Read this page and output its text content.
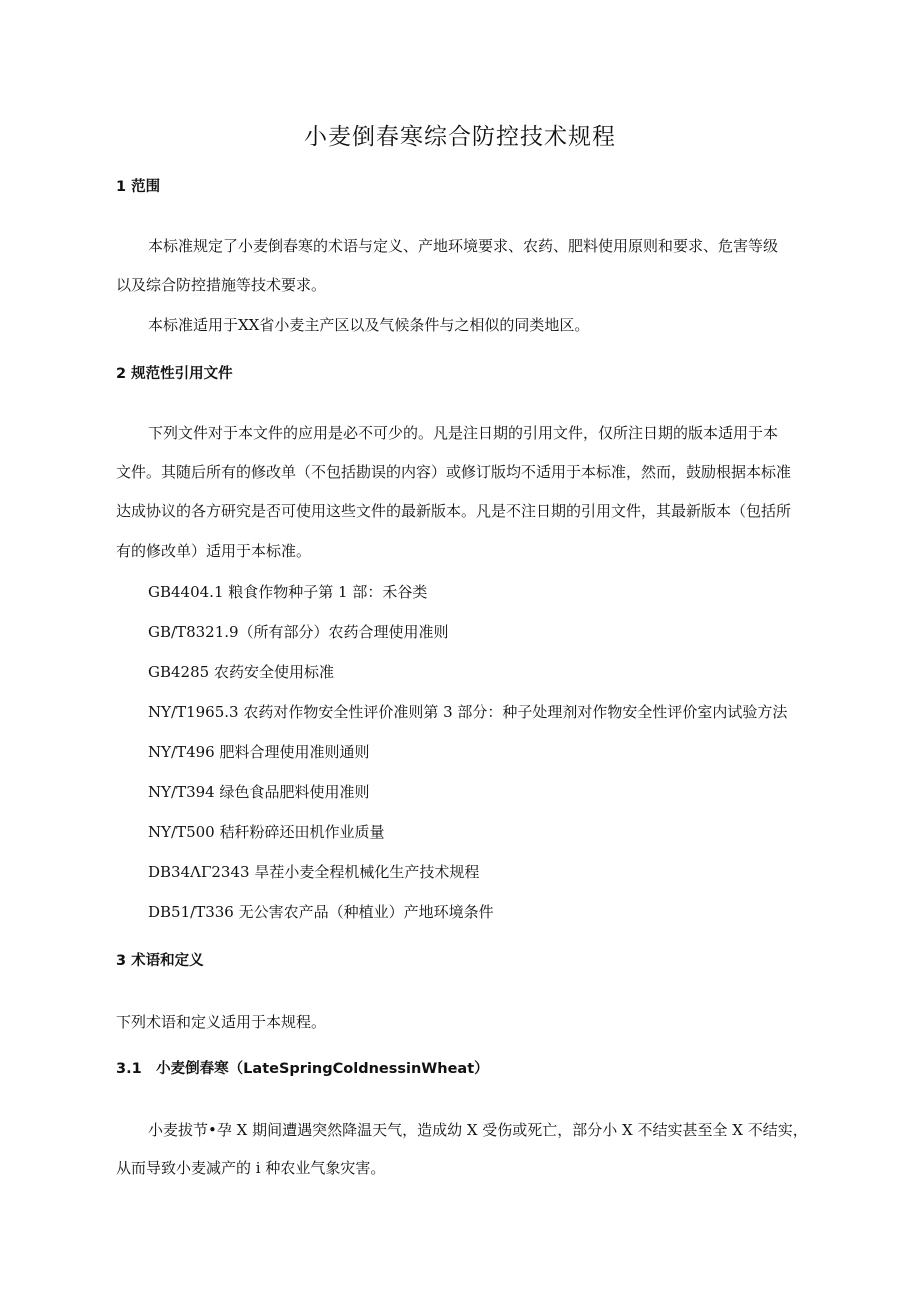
小麦倒春寒综合防控技术规程
1 范围
本标准规定了小麦倒春寒的术语与定义、产地环境要求、农药、肥料使用原则和要求、危害等级
以及综合防控措施等技术要求。
本标准适用于XX省小麦主产区以及气候条件与之相似的同类地区。
2 规范性引用文件
下列文件对于本文件的应用是必不可少的。凡是注日期的引用文件，仅所注日期的版本适用于本
文件。其随后所有的修改单（不包括勘误的内容）或修订版均不适用于本标准，然而，鼓励根据本标准
达成协议的各方研究是否可使用这些文件的最新版本。凡是不注日期的引用文件，其最新版本（包括所
有的修改单）适用于本标准。
GB4404.1 粮食作物种子第 1 部：禾谷类
GB/T8321.9（所有部分）农药合理使用准则
GB4285 农药安全使用标准
NY/T1965.3 农药对作物安全性评价准则第 3 部分：种子处理剂对作物安全性评价室内试验方法
NY/T496 肥料合理使用准则通则
NY/T394 绿色食品肥料使用准则
NY/T500 秸秆粉碎还田机作业质量
DB34ΛΓ2343 旱茬小麦全程机械化生产技术规程
DB51/T336 无公害农产品（种植业）产地环境条件
3 术语和定义
下列术语和定义适用于本规程。
3.1　小麦倒春寒（LateSpringColdnessinWheat）
小麦拔节•孕 X 期间遭遇突然降温天气，造成幼 X 受伤或死亡，部分小 X 不结实甚至全 X 不结实，
从而导致小麦减产的 i 种农业气象灾害。
